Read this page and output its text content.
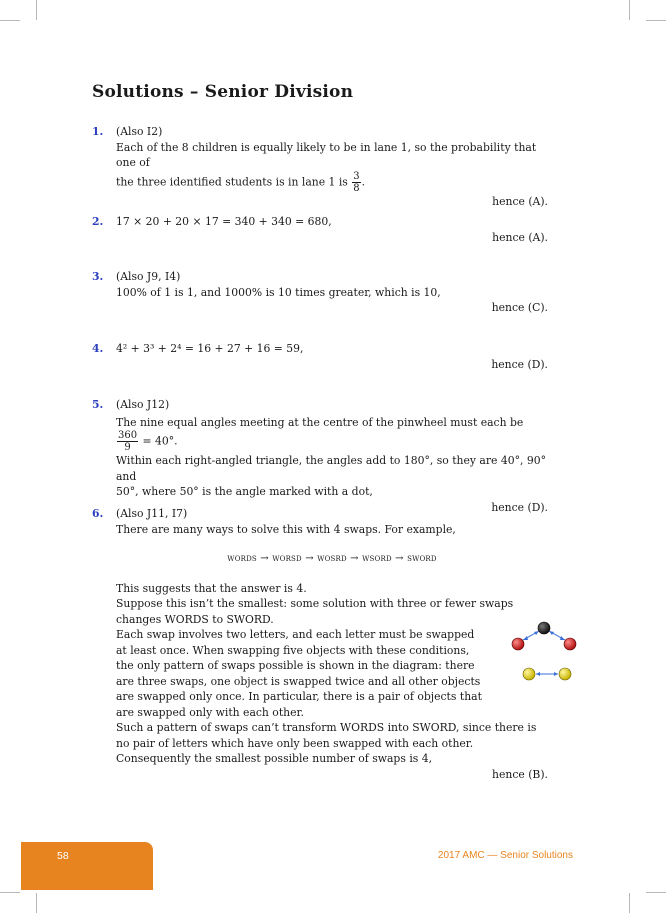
Solutions – Senior Division
1. (Also I2)
Each of the 8 children is equally likely to be in lane 1, so the probability that one of
the three identified students is in lane 1 is $\frac{3}{8}$ .
hence (A).
2. 17 × 20 + 20 × 17 = 340 + 340 = 680,
hence (A).
3. (Also J9, I4)
100% of 1 is 1, and 1000% is 10 times greater, which is 10,
hence (C).
4. 4² + 3³ + 2⁴ = 16 + 27 + 16 = 59,
hence (D).
5. (Also J12)
The nine equal angles meeting at the centre of the pinwheel must each be
$\frac{360}{9} = 40^\circ$.
Within each right-angled triangle, the angles add to 180°, so they are 40°, 90° and
50°, where 50° is the angle marked with a dot,
hence (D).
6. (Also J11, I7)
There are many ways to solve this with 4 swaps. For example,
words → worsd → wosrd → wsord → sword
This suggests that the answer is 4.
Suppose this isn’t the smallest: some solution with three or fewer swaps changes WORDS to SWORD.
Each swap involves two letters, and each letter must be swapped at least once. When swapping five objects with these conditions, the only pattern of swaps possible is shown in the diagram: there are three swaps, one object is swapped twice and all other objects are swapped only once. In particular, there is a pair of objects that are swapped only with each other.
Such a pattern of swaps can’t transform WORDS into SWORD, since there is no pair of letters which have only been swapped with each other. Consequently the smallest possible number of swaps is 4,
hence (B).
58	2017 AMC — Senior Solutions
